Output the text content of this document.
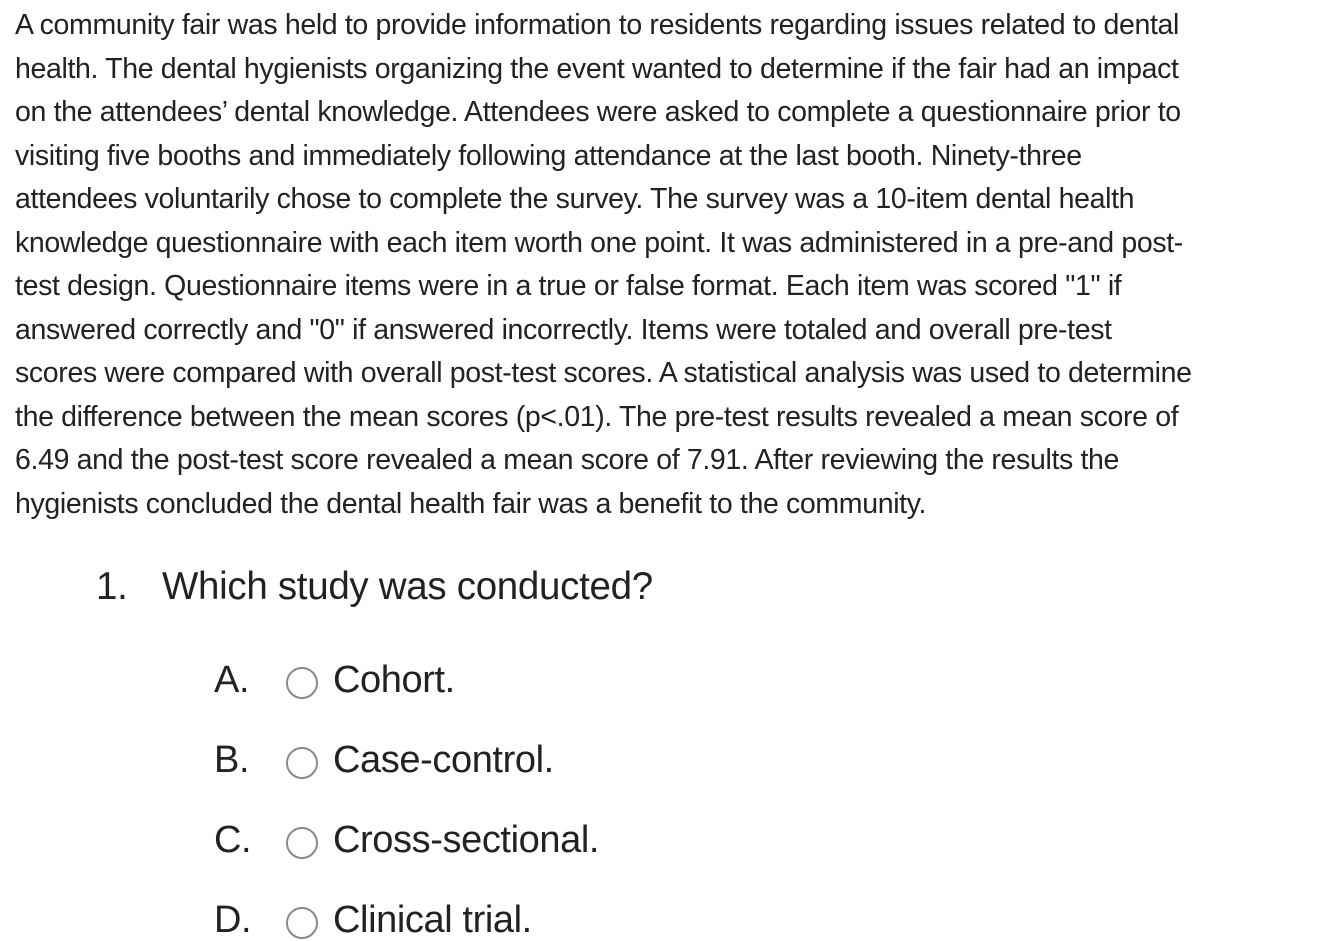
A community fair was held to provide information to residents regarding issues related to dental
health. The dental hygienists organizing the event wanted to determine if the fair had an impact
on the attendees’ dental knowledge. Attendees were asked to complete a questionnaire prior to
visiting five booths and immediately following attendance at the last booth. Ninety-three
attendees voluntarily chose to complete the survey. The survey was a 10-item dental health
knowledge questionnaire with each item worth one point. It was administered in a pre-and post-
test design. Questionnaire items were in a true or false format. Each item was scored "1" if
answered correctly and "0" if answered incorrectly. Items were totaled and overall pre-test
scores were compared with overall post-test scores. A statistical analysis was used to determine
the difference between the mean scores (p<.01). The pre-test results revealed a mean score of
6.49 and the post-test score revealed a mean score of 7.91. After reviewing the results the
hygienists concluded the dental health fair was a benefit to the community.
1. Which study was conducted?
A.	Cohort.
B.	Case-control.
C.	Cross-sectional.
D.	Clinical trial.
